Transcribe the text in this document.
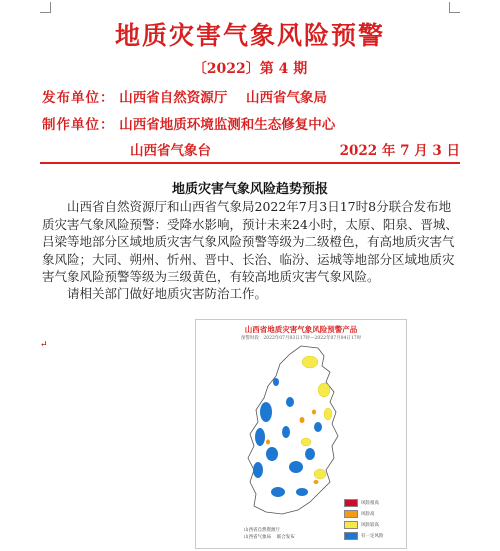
地质灾害气象风险预警
〔2022〕第 4 期
发布单位： 山西省自然资源厅    山西省气象局
制作单位： 山西省地质环境监测和生态修复中心
山西省气象台	2022 年 7 月 3 日
地质灾害气象风险趋势预报
山西省自然资源厅和山西省气象局2022年7月3日17时8分联合发布地质灾害气象风险预警：受降水影响，预计未来24小时，太原、阳泉、晋城、吕梁等地部分区域地质灾害气象风险预警等级为二级橙色，有高地质灾害气象风险；大同、朔州、忻州、晋中、长治、临汾、运城等地部分区域地质灾害气象风险预警等级为三级黄色，有较高地质灾害气象风险。
请相关部门做好地质灾害防治工作。
↵
山西省地质灾害气象风险预警产品
预警时段：2022年07月03日17时—2022年07月04日17时
风险很高
风险高
风险较高
有一定风险
山西省自然资源厅
山西省气象局    联合发布
